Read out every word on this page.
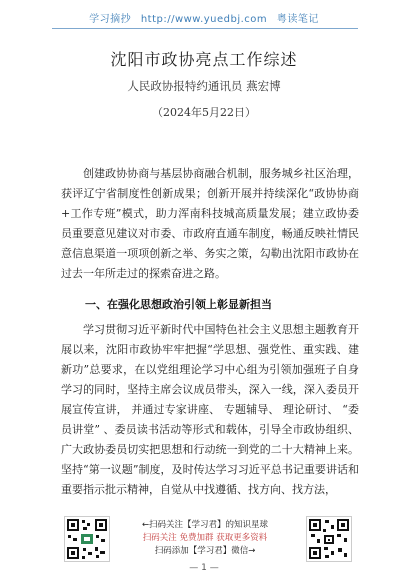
学习摘抄 http://www.yuedbj.com 粤读笔记
沈阳市政协亮点工作综述
人民政协报特约通讯员 燕宏博
（2024年5月22日）

创建政协协商与基层协商融合机制，服务城乡社区治理，获评辽宁省制度性创新成果；创新开展并持续深化“政协协商+工作专班”模式，助力浑南科技城高质量发展；建立政协委员重要意见建议对市委、市政府直通车制度，畅通反映社情民意信息渠道一项项创新之举、务实之策，勾勒出沈阳市政协在过去一年所走过的探索奋进之路。

一、在强化思想政治引领上彰显新担当

学习贯彻习近平新时代中国特色社会主义思想主题教育开展以来，沈阳市政协牢牢把握“学思想、强党性、重实践、建新功”总要求，在以党组理论学习中心组为引领加强班子自身学习的同时，坚持主席会议成员带头，深入一线，深入委员开展宣传宣讲， 并通过专家讲座、 专题辅导、 理论研讨、 “委员讲堂” 、委员读书活动等形式和载体，引导全市政协组织、广大政协委员切实把思想和行动统一到党的二十大精神上来。坚持“第一议题”制度，及时传达学习习近平总书记重要讲话和重要指示批示精神，自觉从中找遵循、找方向、找方法，

←扫码关注【学习君】的知识星球
扫码关注 免费加群 获取更多资料
扫码添加【学习君】微信→
— 1 —
